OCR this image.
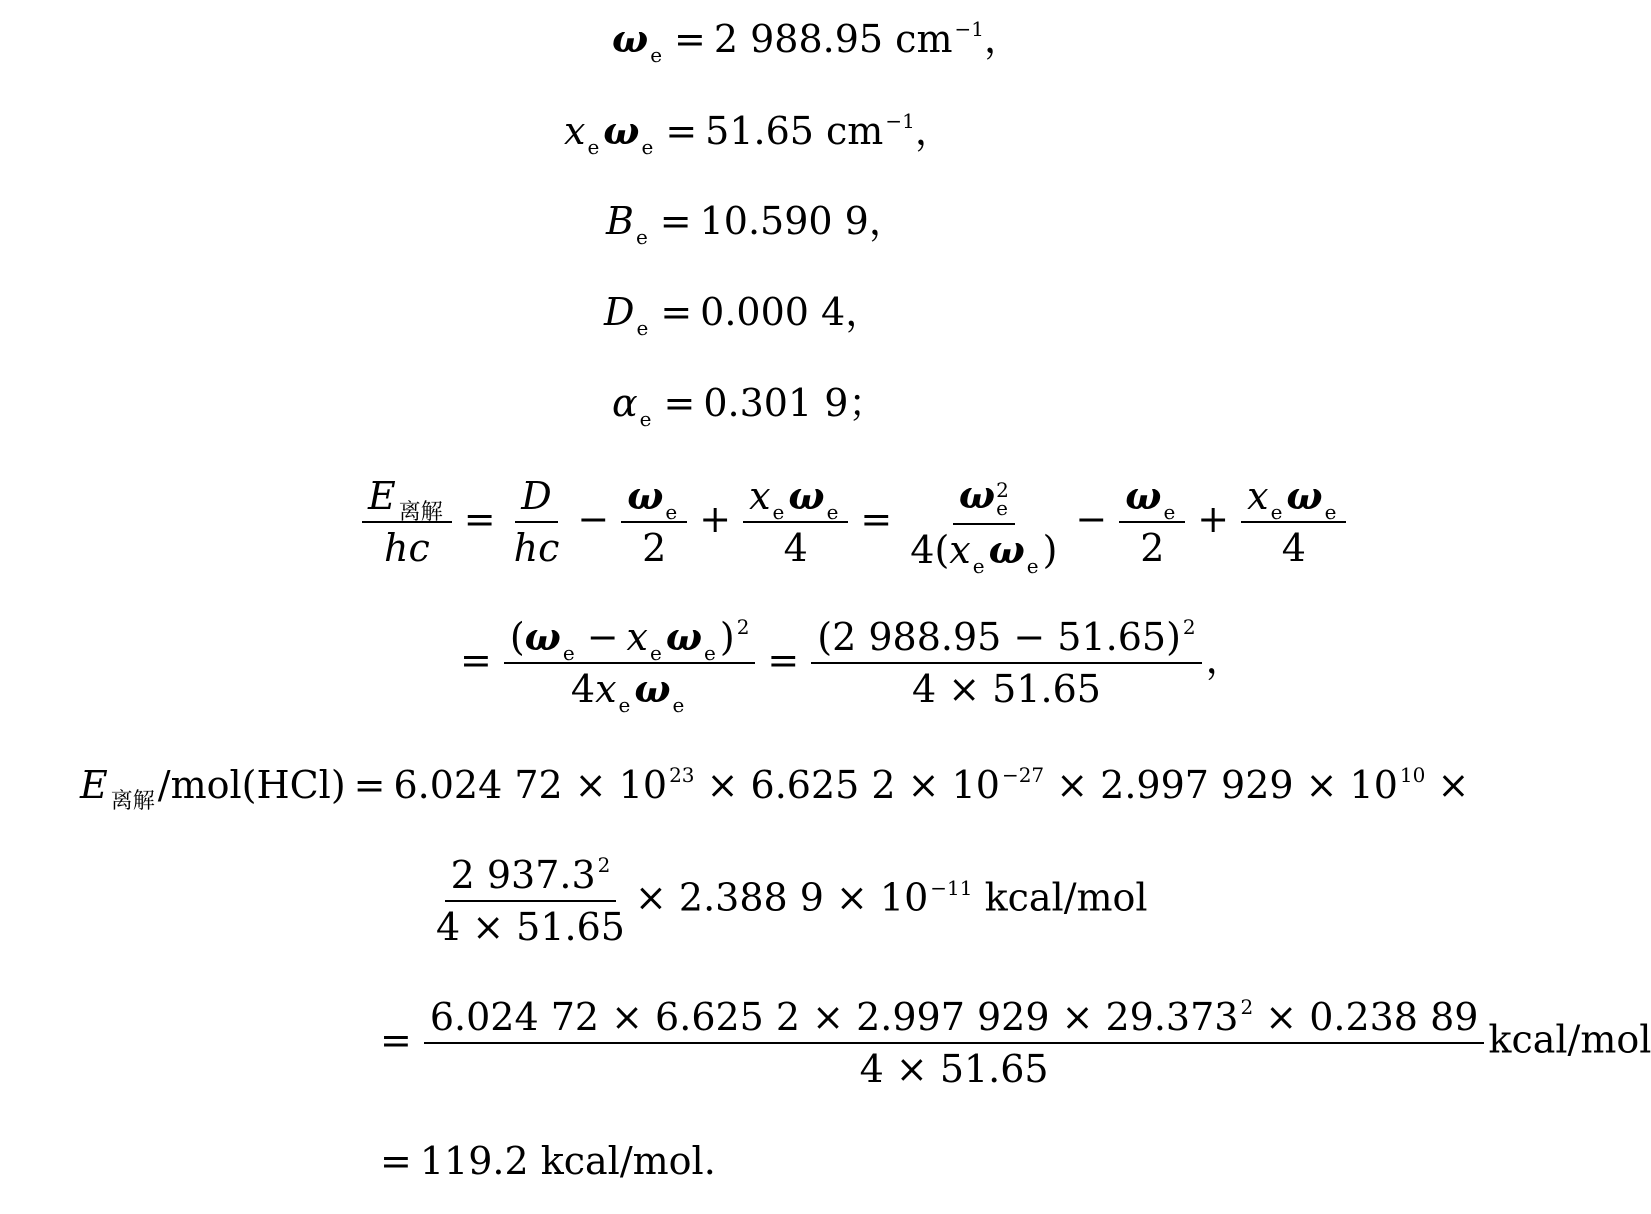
ω $_e$ = 2 988.95 cm $^{-1}$，
x $_e$ ω $_e$ = 51.65 cm $^{-1}$，
B $_e$ = 10.590 9，
D $_e$ = 0.000 4，
α $_e$ = 0.301 9；
$\frac{E _{离解}}{hc} = \frac{D}{hc} - \frac{\omega _e}{2} + \frac{x _e \omega _e}{4} = \omega$ 2
e
4(x $_e$ ω $_e$ ) − $\frac{\omega _e}{2} + \frac{x _e \omega _e}{4}$
= $\frac{(\omega _e - x _e \omega _e ) ^2}{4x _e \omega _e} = \frac{(2 988.95 - 51.65) ^2}{4 \times 51.65}$ ，
E $_{离解}$/mol(HCl) = 6.024 72 × 10 $^{23}$ × 6.625 2 × 10 $^{-27}$ × 2.997 929 × 10 $^{10}$ ×
$\frac{2 937.3 ^2}{4 \times 51.65} \times 2.388$ 9 × 10 $^{-11}$ kcal/mol
= $\frac{6.024 72 \times 6.625 2 \times 2.997 929 \times 29.373 ^2 \times 0.238 89}{4 \times 51.65}$ kcal/mol
= 119.2 kcal/mol.
